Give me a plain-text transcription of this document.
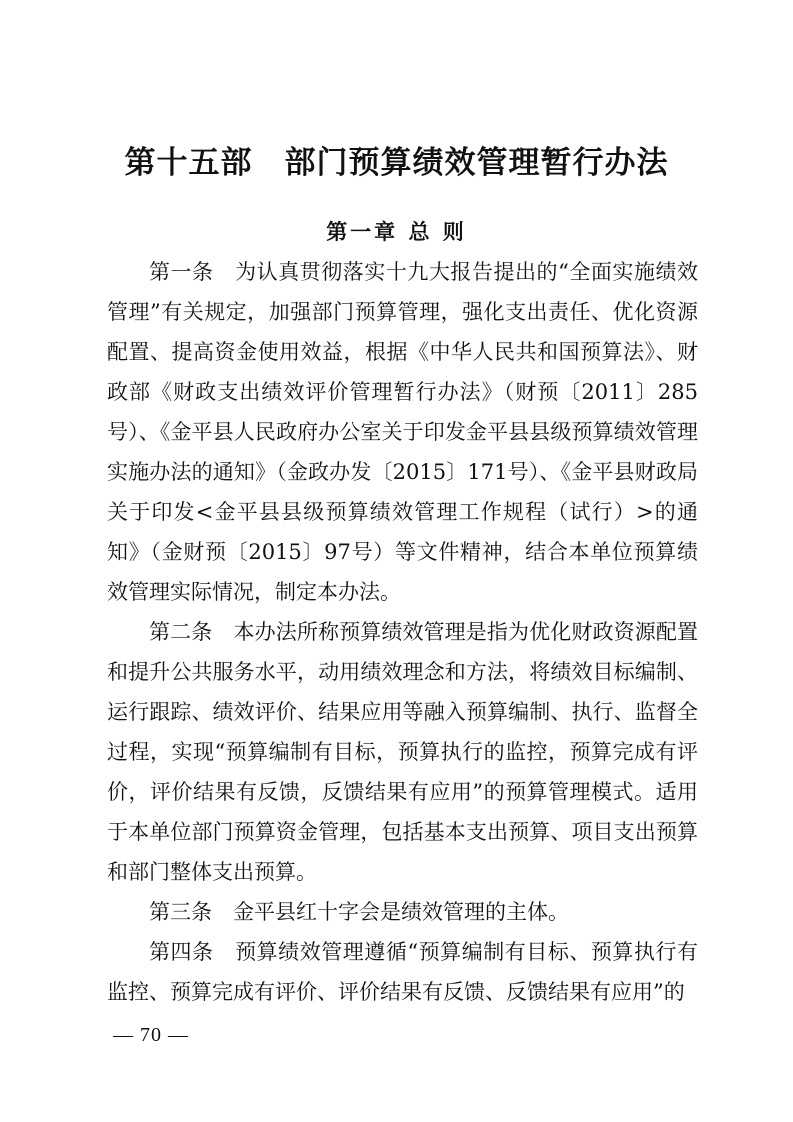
第十五部　部门预算绩效管理暂行办法
第一章 总 则

第一条　为认真贯彻落实十九大报告提出的“全面实施绩效管理”有关规定，加强部门预算管理，强化支出责任、优化资源配置、提高资金使用效益，根据《中华人民共和国预算法》、财政部《财政支出绩效评价管理暂行办法》（财预〔2011〕285号）、《金平县人民政府办公室关于印发金平县县级预算绩效管理实施办法的通知》（金政办发〔2015〕171号）、《金平县财政局关于印发<金平县县级预算绩效管理工作规程（试行）>的通知》（金财预〔2015〕97号）等文件精神，结合本单位预算绩效管理实际情况，制定本办法。

第二条　本办法所称预算绩效管理是指为优化财政资源配置和提升公共服务水平，动用绩效理念和方法，将绩效目标编制、运行跟踪、绩效评价、结果应用等融入预算编制、执行、监督全过程，实现“预算编制有目标，预算执行的监控，预算完成有评价，评价结果有反馈，反馈结果有应用”的预算管理模式。适用于本单位部门预算资金管理，包括基本支出预算、项目支出预算和部门整体支出预算。

第三条　金平县红十字会是绩效管理的主体。

第四条　预算绩效管理遵循“预算编制有目标、预算执行有监控、预算完成有评价、评价结果有反馈、反馈结果有应用”的

— 70 —
